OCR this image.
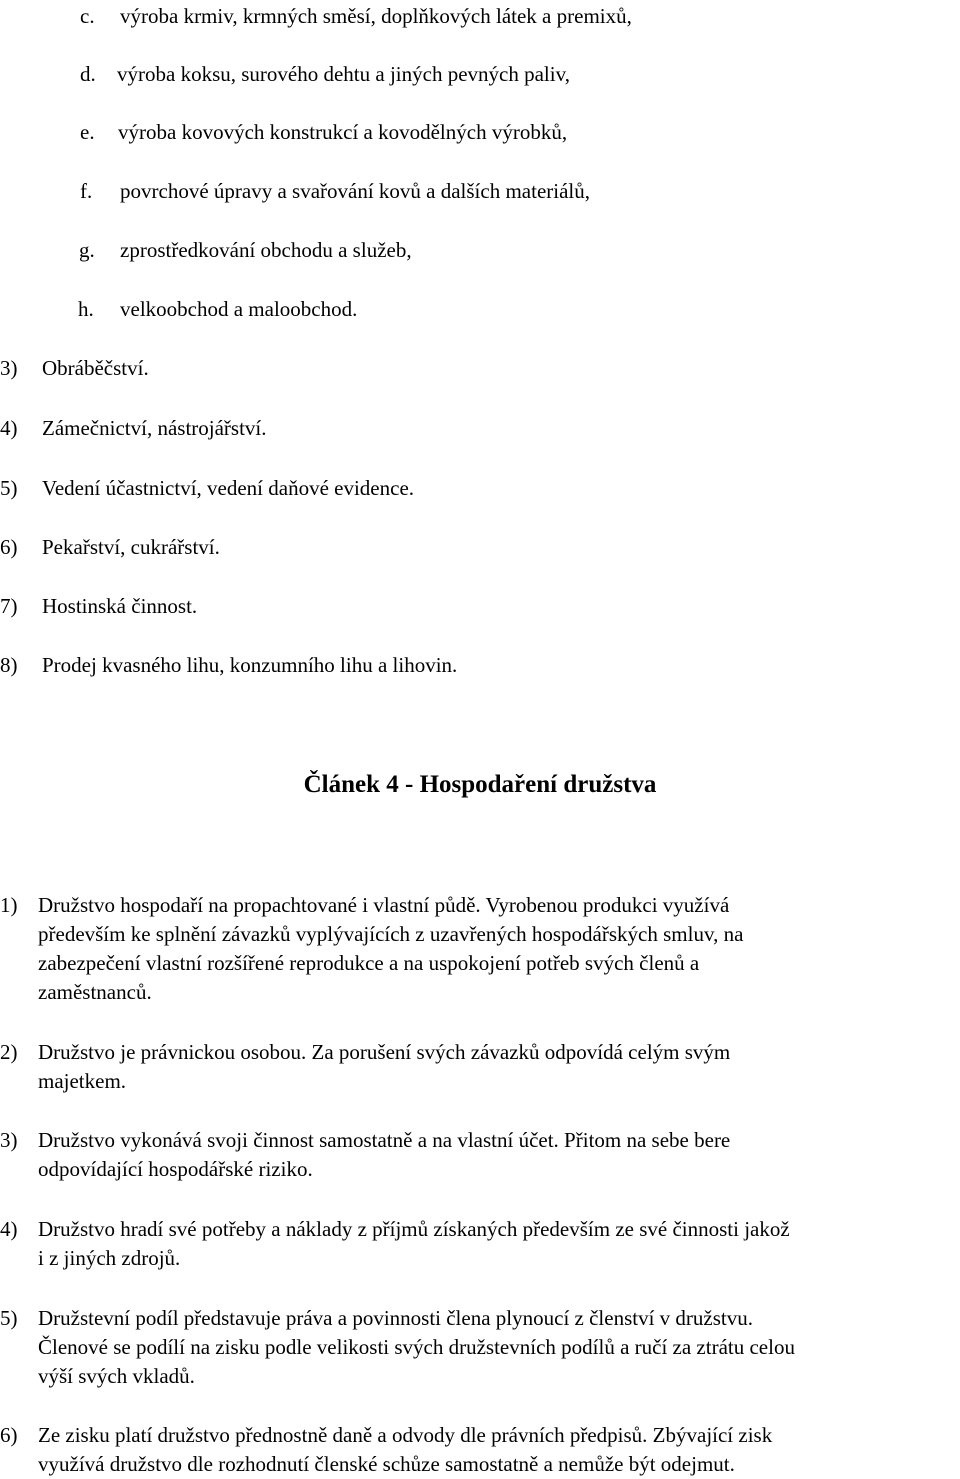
c. výroba krmiv, krmných směsí, doplňkových látek a premixů,
d. výroba koksu, surového dehtu a jiných pevných paliv,
e. výroba kovových konstrukcí a kovodělných výrobků,
f. povrchové úpravy a svařování kovů a dalších materiálů,
g. zprostředkování obchodu a služeb,
h. velkoobchod a maloobchod.
3) Obráběčství.
4) Zámečnictví, nástrojářství.
5) Vedení účastnictví, vedení daňové evidence.
6) Pekařství, cukrářství.
7) Hostinská činnost.
8) Prodej kvasného lihu, konzumního lihu a lihovin.
Článek 4 - Hospodaření družstva
1) Družstvo hospodaří na propachtované i vlastní půdě. Vyrobenou produkci využívá
především ke splnění závazků vyplývajících z uzavřených hospodářských smluv, na
zabezpečení vlastní rozšířené reprodukce a na uspokojení potřeb svých členů a
zaměstnanců.
2) Družstvo je právnickou osobou. Za porušení svých závazků odpovídá celým svým
majetkem.
3) Družstvo vykonává svoji činnost samostatně a na vlastní účet. Přitom na sebe bere
odpovídající hospodářské riziko.
4) Družstvo hradí své potřeby a náklady z příjmů získaných především ze své činnosti jakož
i z jiných zdrojů.
5) Družstevní podíl představuje práva a povinnosti člena plynoucí z členství v družstvu.
Členové se podílí na zisku podle velikosti svých družstevních podílů a ručí za ztrátu celou
výší svých vkladů.
6) Ze zisku platí družstvo přednostně daně a odvody dle právních předpisů. Zbývající zisk
využívá družstvo dle rozhodnutí členské schůze samostatně a nemůže být odejmut.
